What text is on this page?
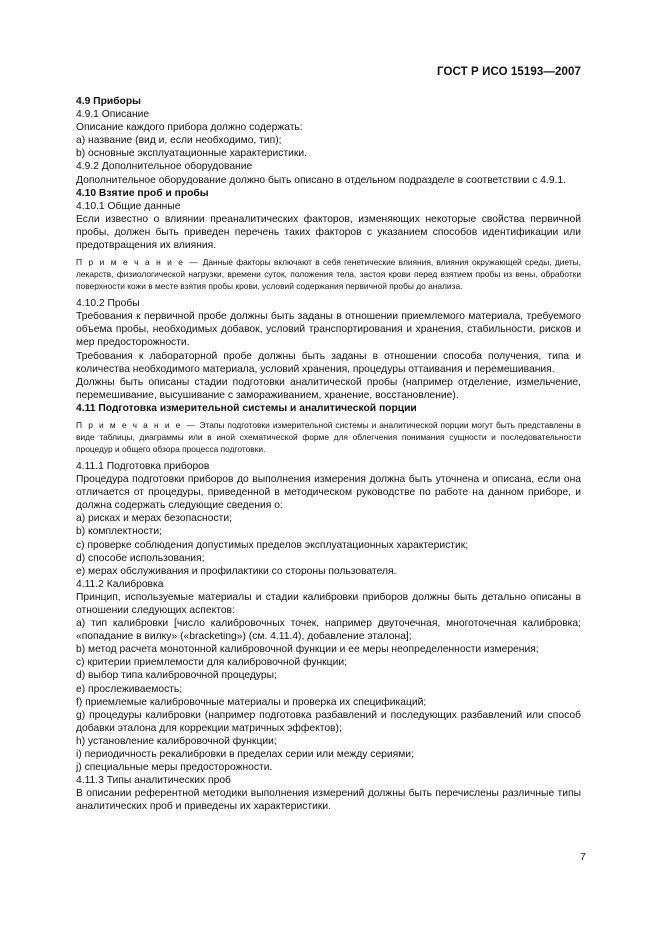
ГОСТ Р ИСО 15193—2007
4.9 Приборы
4.9.1 Описание
Описание каждого прибора должно содержать:
a) название (вид и, если необходимо, тип);
b) основные эксплуатационные характеристики.
4.9.2 Дополнительное оборудование
Дополнительное оборудование должно быть описано в отдельном подразделе в соответствии с 4.9.1.
4.10 Взятие проб и пробы
4.10.1 Общие данные
Если известно о влиянии преаналитических факторов, изменяющих некоторые свойства первичной пробы, должен быть приведен перечень таких факторов с указанием способов идентификации или предотвращения их влияния.
П р и м е ч а н и е — Данные факторы включают в себя генетические влияния, влияния окружающей среды, диеты, лекарств, физиологической нагрузки, времени суток, положения тела, застоя крови перед взятием пробы из вены, обработки поверхности кожи в месте взятия пробы крови, условий содержания первичной пробы до анализа.
4.10.2 Пробы
Требования к первичной пробе должны быть заданы в отношении приемлемого материала, требуемого объема пробы, необходимых добавок, условий транспортирования и хранения, стабильности, рисков и мер предосторожности.
Требования к лабораторной пробе должны быть заданы в отношении способа получения, типа и количества необходимого материала, условий хранения, процедуры оттаивания и перемешивания.
Должны быть описаны стадии подготовки аналитической пробы (например отделение, измельчение, перемешивание, высушивание с замораживанием, хранение, восстановление).
4.11 Подготовка измерительной системы и аналитической порции
П р и м е ч а н и е — Этапы подготовки измерительной системы и аналитической порции могут быть представлены в виде таблицы, диаграммы или в иной схематической форме для облегчения понимания сущности и последовательности процедур и общего обзора процесса подготовки.
4.11.1 Подготовка приборов
Процедура подготовки приборов до выполнения измерения должна быть уточнена и описана, если она отличается от процедуры, приведенной в методическом руководстве по работе на данном приборе, и должна содержать следующие сведения о:
a) рисках и мерах безопасности;
b) комплектности;
c) проверке соблюдения допустимых пределов эксплуатационных характеристик;
d) способе использования;
e) мерах обслуживания и профилактики со стороны пользователя.
4.11.2 Калибровка
Принцип, используемые материалы и стадии калибровки приборов должны быть детально описаны в отношении следующих аспектов:
a) тип калибровки [число калибровочных точек, например двуточечная, многоточечная калибровка; «попадание в вилку» («bracketing») (см. 4.11.4), добавление эталона];
b) метод расчета монотонной калибровочной функции и ее меры неопределенности измерения;
c) критерии приемлемости для калибровочной функции;
d) выбор типа калибровочной процедуры;
e) прослеживаемость;
f) приемлемые калибровочные материалы и проверка их спецификаций;
g) процедуры калибровки (например подготовка разбавлений и последующих разбавлений или способ добавки эталона для коррекции матричных эффектов);
h) установление калибровочной функции;
i) периодичность рекалибровки в пределах серии или между сериями;
j) специальные меры предосторожности.
4.11.3 Типы аналитических проб
В описании референтной методики выполнения измерений должны быть перечислены различные типы аналитических проб и приведены их характеристики.
7
